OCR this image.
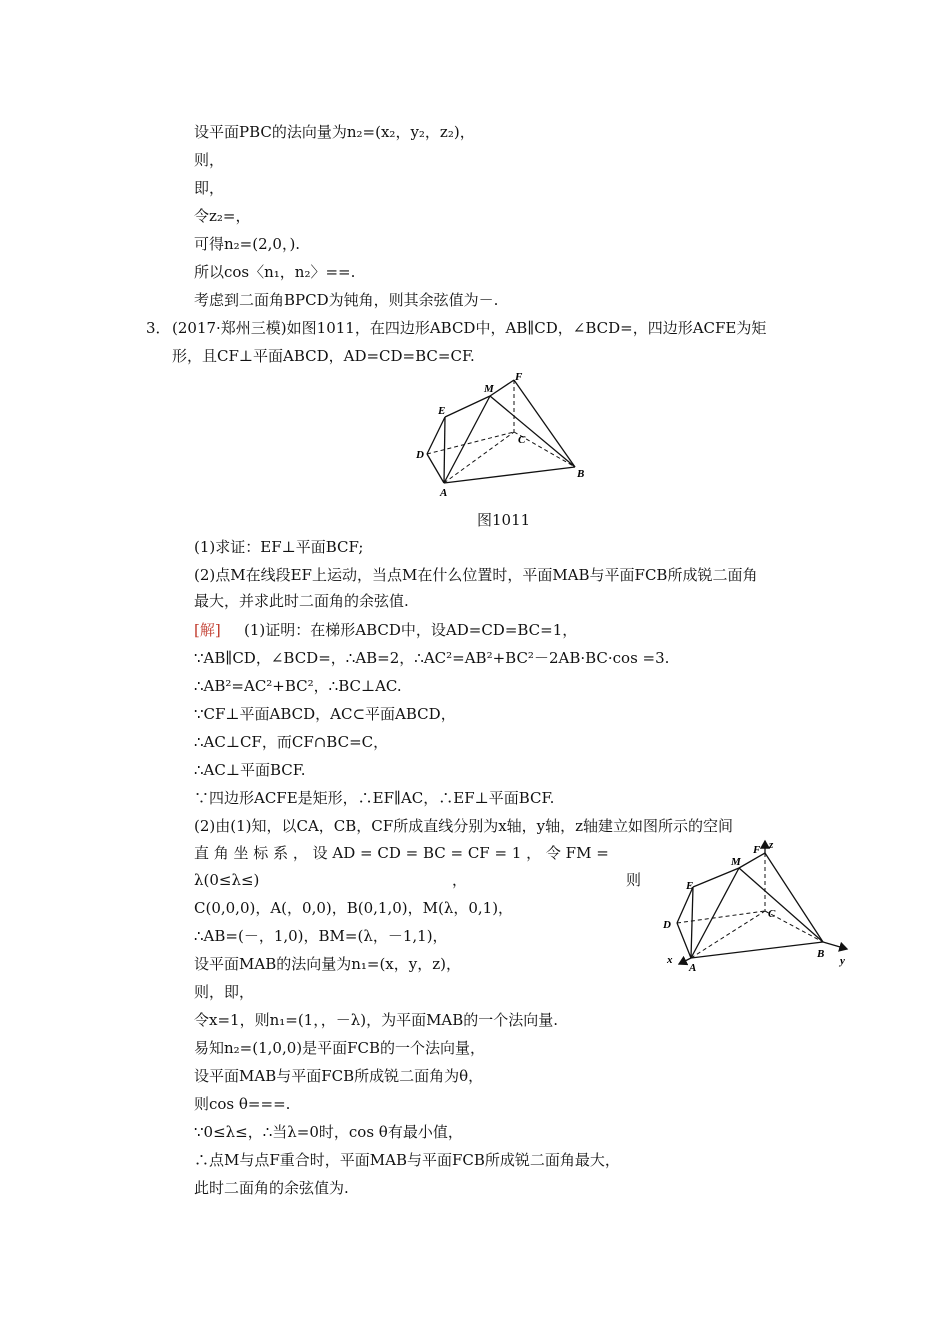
设平面PBC的法向量为n₂=(x₂，y₂，z₂)，
则，
即，
令z₂=，
可得n₂=(2,0，).
所以cos〈n₁，n₂〉==.
考虑到二面角BPCD为钝角，则其余弦值为－.
3． (2017·郑州三模)如图1011，在四边形ABCD中，AB∥CD，∠BCD=，四边形ACFE为矩
形，且CF⊥平面ABCD，AD=CD=BC=CF.
E
M
F
C
D
A
B
图1011
(1)求证：EF⊥平面BCF;
(2)点M在线段EF上运动，当点M在什么位置时，平面MAB与平面FCB所成锐二面角
最大，并求此时二面角的余弦值.
[解] (1)证明：在梯形ABCD中，设AD=CD=BC=1，
∵AB∥CD，∠BCD=，∴AB=2，∴AC²=AB²+BC²－2AB·BC·cos =3.
∴AB²=AC²+BC²，∴BC⊥AC.
∵CF⊥平面ABCD，AC⊂平面ABCD，
∴AC⊥CF，而CF∩BC=C，
∴AC⊥平面BCF.
∵四边形ACFE是矩形，∴EF∥AC，∴EF⊥平面BCF.
(2)由(1)知，以CA，CB，CF所成直线分别为x轴，y轴，z轴建立如图所示的空间
直 角 坐 标 系 ， 设 AD = CD = BC = CF = 1 ， 令 FM =
λ(0≤λ≤)	，	则
C(0,0,0)，A(，0,0)，B(0,1,0)，M(λ，0,1)，
∴AB=(－，1,0)，BM=(λ，－1,1)，
设平面MAB的法向量为n₁=(x，y，z)，
则，即，
令x=1，则n₁=(1，，－λ)，为平面MAB的一个法向量.
易知n₂=(1,0,0)是平面FCB的一个法向量，
设平面MAB与平面FCB所成锐二面角为θ，
则cos θ===.
∵0≤λ≤，∴当λ=0时，cos θ有最小值，
∴点M与点F重合时，平面MAB与平面FCB所成锐二面角最大，
此时二面角的余弦值为.
E
M
F z
C
D
A
x	B
y
